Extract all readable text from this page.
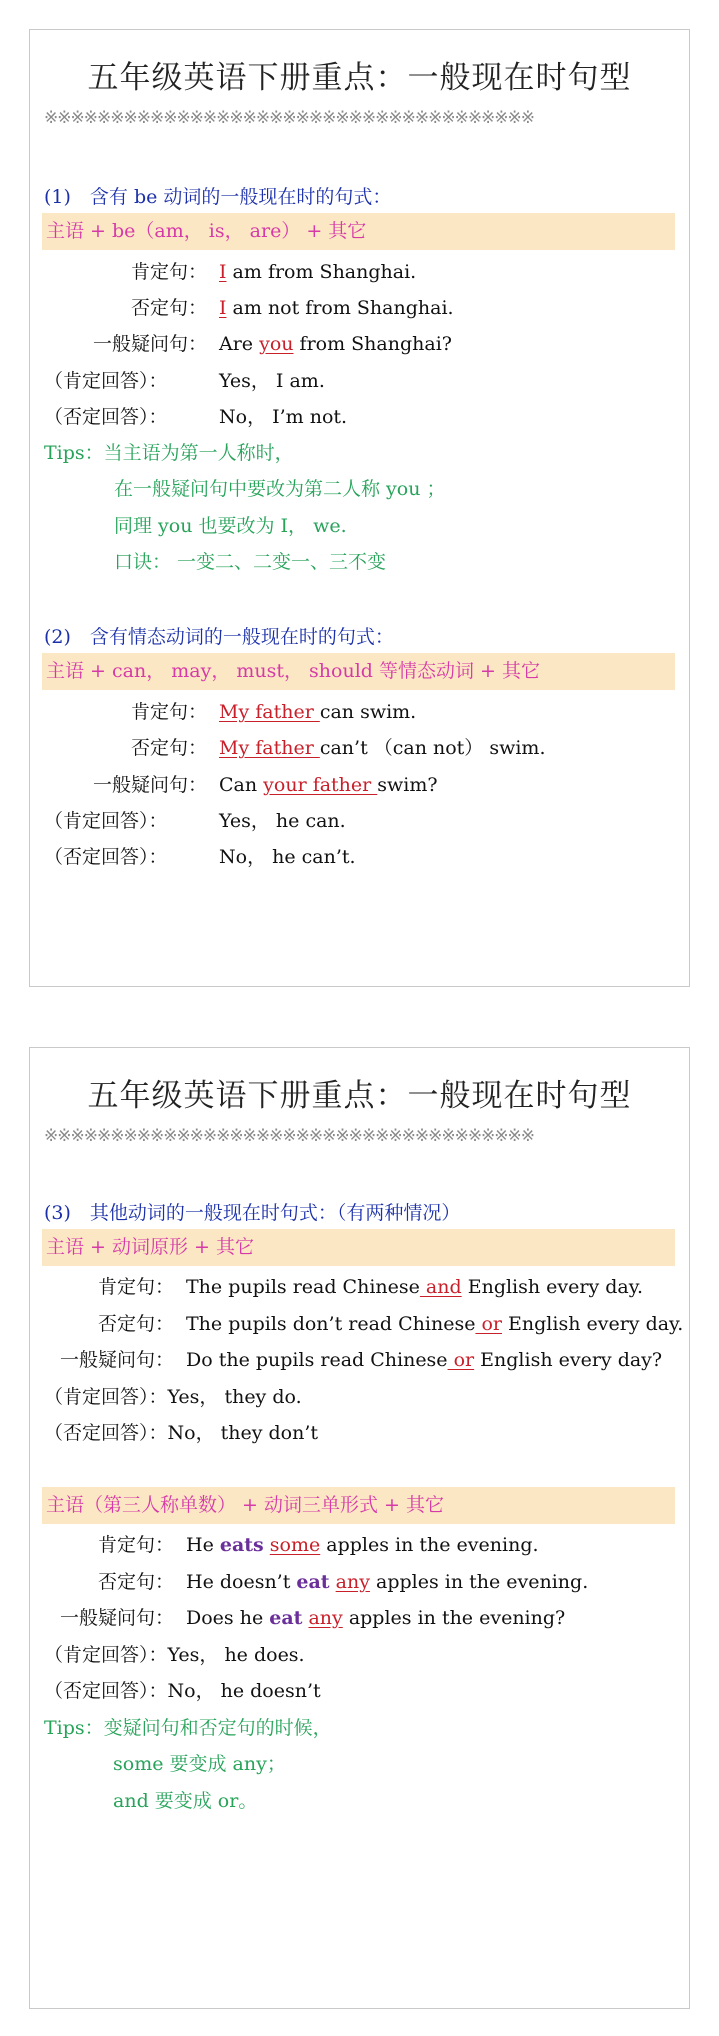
五年级英语下册重点：一般现在时句型
※※※※※※※※※※※※※※※※※※※※※※※※※※※※※※※※※※※※※
(1)　含有 be 动词的一般现在时的句式：
主语 + be（am， is， are） + 其它
肯定句： I am from Shanghai.
否定句： I am not from Shanghai.
一般疑问句： Are you from Shanghai?
（肯定回答）：	Yes， I am.
（否定回答）：	No， I’m not.
Tips：当主语为第一人称时，
在一般疑问句中要改为第二人称 you ；
同理 you 也要改为 I， we.
口诀： 一变二、二变一、三不变
(2)　含有情态动词的一般现在时的句式：
主语 + can， may， must， should 等情态动词 + 其它
肯定句： My father can swim.
否定句： My father can’t （can not） swim.
一般疑问句： Can your father swim?
（肯定回答）：	Yes， he can.
（否定回答）：	No， he can’t.
五年级英语下册重点：一般现在时句型
※※※※※※※※※※※※※※※※※※※※※※※※※※※※※※※※※※※※※
(3)　其他动词的一般现在时句式：（有两种情况）
主语 + 动词原形 + 其它
肯定句： The pupils read Chinese and English every day.
否定句： The pupils don’t read Chinese or English every day.
一般疑问句： Do the pupils read Chinese or English every day?
（肯定回答）：Yes， they do.
（否定回答）：No， they don’t
主语（第三人称单数） + 动词三单形式 + 其它
肯定句： He eats some apples in the evening.
否定句： He doesn’t eat any apples in the evening.
一般疑问句： Does he eat any apples in the evening?
（肯定回答）：Yes， he does.
（否定回答）：No， he doesn’t
Tips：变疑问句和否定句的时候，
some 要变成 any；
and 要变成 or。
